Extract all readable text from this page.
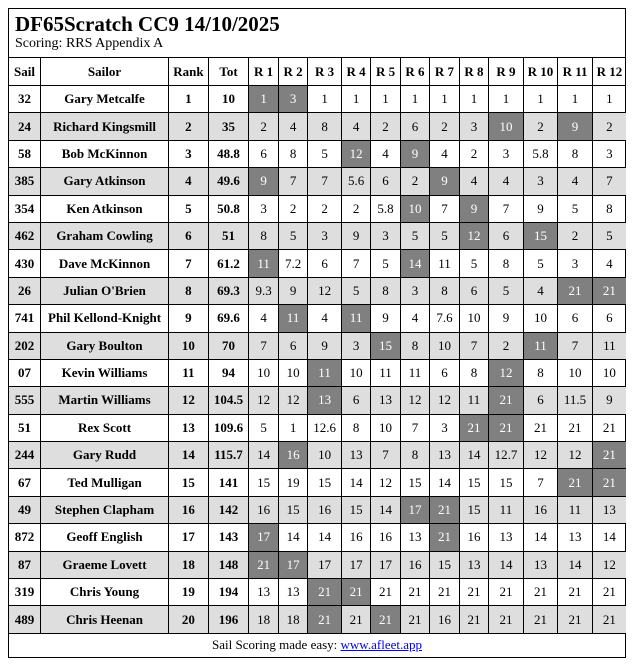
DF65Scratch CC9 14/10/2025
Scoring: RRS Appendix A
Sail	Sailor	Rank	Tot	R 1	R 2	R 3	R 4	R 5	R 6	R 7	R 8	R 9	R 10	R 11	R 12
32	Gary Metcalfe	1	10	1	3	1	1	1	1	1	1	1	1	1	1
24	Richard Kingsmill	2	35	2	4	8	4	2	6	2	3	10	2	9	2
58	Bob McKinnon	3	48.8	6	8	5	12	4	9	4	2	3	5.8	8	3
385	Gary Atkinson	4	49.6	9	7	7	5.6	6	2	9	4	4	3	4	7
354	Ken Atkinson	5	50.8	3	2	2	2	5.8	10	7	9	7	9	5	8
462	Graham Cowling	6	51	8	5	3	9	3	5	5	12	6	15	2	5
430	Dave McKinnon	7	61.2	11	7.2	6	7	5	14	11	5	8	5	3	4
26	Julian O'Brien	8	69.3	9.3	9	12	5	8	3	8	6	5	4	21	21
741	Phil Kellond-Knight	9	69.6	4	11	4	11	9	4	7.6	10	9	10	6	6
202	Gary Boulton	10	70	7	6	9	3	15	8	10	7	2	11	7	11
07	Kevin Williams	11	94	10	10	11	10	11	11	6	8	12	8	10	10
555	Martin Williams	12	104.5	12	12	13	6	13	12	12	11	21	6	11.5	9
51	Rex Scott	13	109.6	5	1	12.6	8	10	7	3	21	21	21	21	21
244	Gary Rudd	14	115.7	14	16	10	13	7	8	13	14	12.7	12	12	21
67	Ted Mulligan	15	141	15	19	15	14	12	15	14	15	15	7	21	21
49	Stephen Clapham	16	142	16	15	16	15	14	17	21	15	11	16	11	13
872	Geoff English	17	143	17	14	14	16	16	13	21	16	13	14	13	14
87	Graeme Lovett	18	148	21	17	17	17	17	16	15	13	14	13	14	12
319	Chris Young	19	194	13	13	21	21	21	21	21	21	21	21	21	21
489	Chris Heenan	20	196	18	18	21	21	21	21	16	21	21	21	21	21
Sail Scoring made easy: www.afleet.app
